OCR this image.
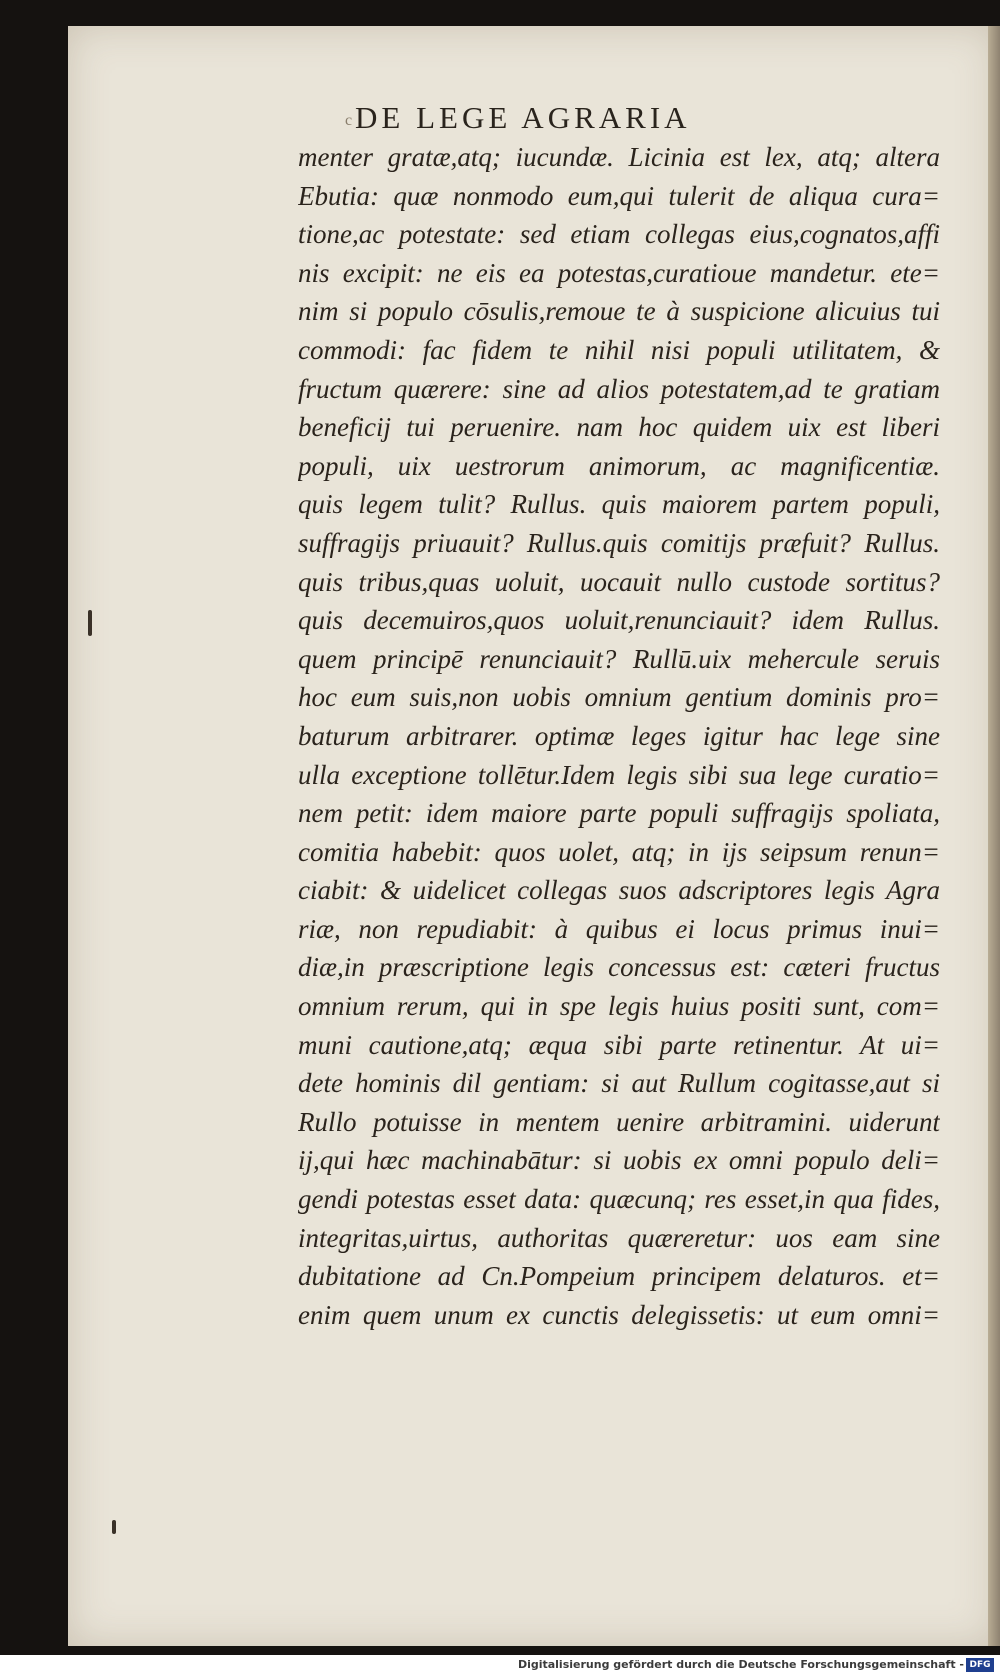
c DE LEGE AGRARIA
menter gratæ,atq; iucundæ. Licinia est lex, atq; altera
Ebutia: quæ nonmodo eum,qui tulerit de aliqua cura=
tione,ac potestate: sed etiam collegas eius,cognatos,affi
nis excipit: ne eis ea potestas,curatioue mandetur. ete=
nim si populo cōsulis,remoue te à suspicione alicuius tui
commodi: fac fidem te nihil nisi populi utilitatem, &
fructum quærere: sine ad alios potestatem,ad te gratiam
beneficij tui peruenire. nam hoc quidem uix est liberi
populi, uix uestrorum animorum, ac magnificentiæ.
quis legem tulit? Rullus. quis maiorem partem populi,
suffragijs priuauit? Rullus.quis comitijs præfuit? Rullus.
quis tribus,quas uoluit, uocauit nullo custode sortitus?
quis decemuiros,quos uoluit,renunciauit? idem Rullus.
quem principē renunciauit? Rullū.uix mehercule seruis
hoc eum suis,non uobis omnium gentium dominis pro=
baturum arbitrarer. optimæ leges igitur hac lege sine
ulla exceptione tollētur.Idem legis sibi sua lege curatio=
nem petit: idem maiore parte populi suffragijs spoliata,
comitia habebit: quos uolet, atq; in ijs seipsum renun=
ciabit: & uidelicet collegas suos adscriptores legis Agra
riæ, non repudiabit: à quibus ei locus primus inui=
diæ,in præscriptione legis concessus est: cæteri fructus
omnium rerum, qui in spe legis huius positi sunt, com=
muni cautione,atq; æqua sibi parte retinentur. At ui=
dete hominis dil gentiam: si aut Rullum cogitasse,aut si
Rullo potuisse in mentem uenire arbitramini. uiderunt
ij,qui hæc machinabātur: si uobis ex omni populo deli=
gendi potestas esset data: quæcunq; res esset,in qua fides,
integritas,uirtus, authoritas quæreretur: uos eam sine
dubitatione ad Cn.Pompeium principem delaturos. et=
enim quem unum ex cunctis delegissetis: ut eum omni=
Digitalisierung gefördert durch die Deutsche Forschungsgemeinschaft - DFG
